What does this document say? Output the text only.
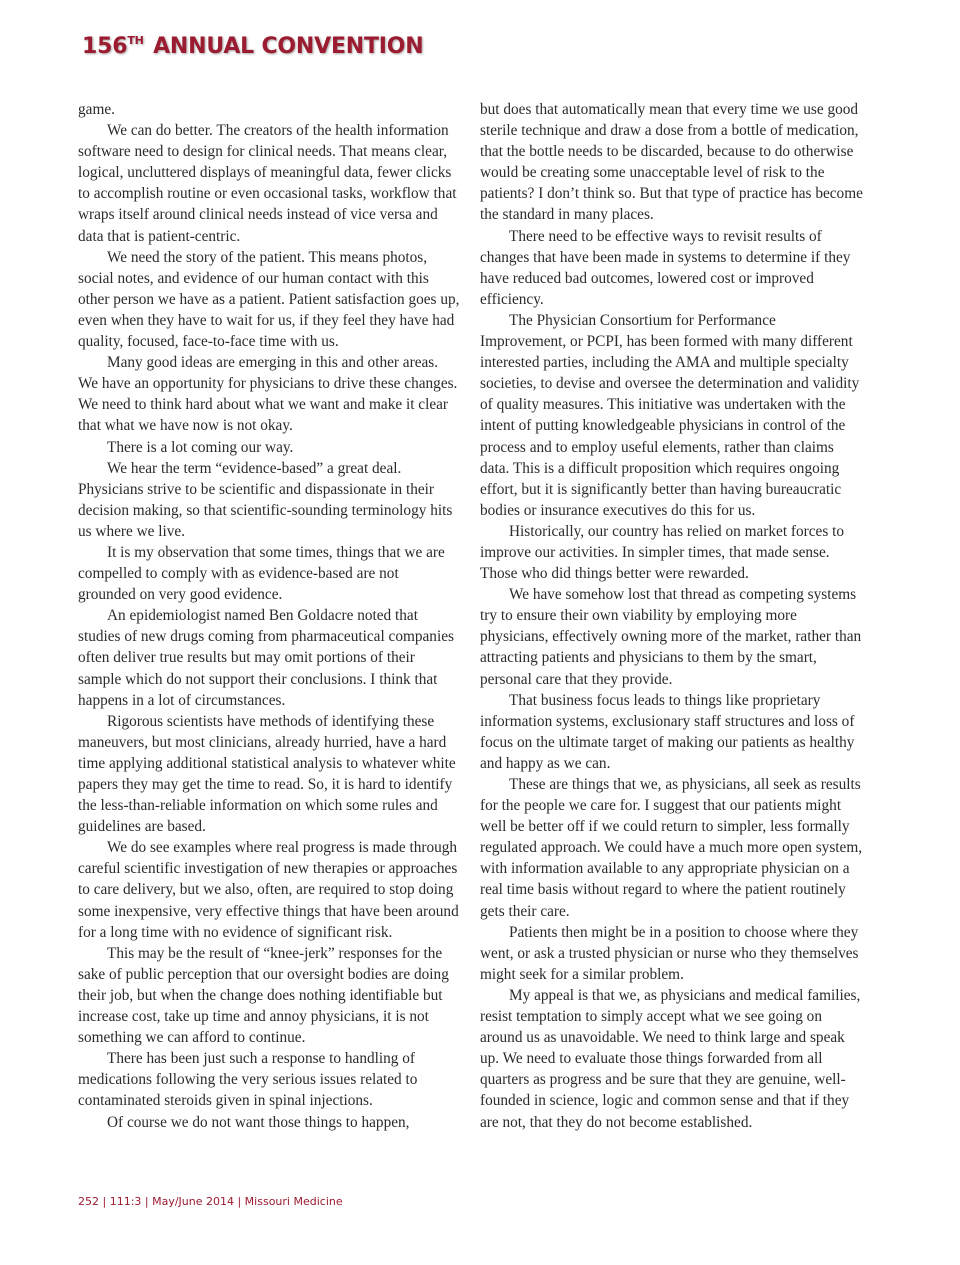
156TH ANNUAL CONVENTION

game.

We can do better. The creators of the health information software need to design for clinical needs. That means clear, logical, uncluttered displays of meaningful data, fewer clicks to accomplish routine or even occasional tasks, workflow that wraps itself around clinical needs instead of vice versa and data that is patient-centric.

We need the story of the patient. This means photos, social notes, and evidence of our human contact with this other person we have as a patient. Patient satisfaction goes up, even when they have to wait for us, if they feel they have had quality, focused, face-to-face time with us.

Many good ideas are emerging in this and other areas. We have an opportunity for physicians to drive these changes. We need to think hard about what we want and make it clear that what we have now is not okay.

There is a lot coming our way.

We hear the term “evidence-based” a great deal. Physicians strive to be scientific and dispassionate in their decision making, so that scientific-sounding terminology hits us where we live.

It is my observation that some times, things that we are compelled to comply with as evidence-based are not grounded on very good evidence.

An epidemiologist named Ben Goldacre noted that studies of new drugs coming from pharmaceutical companies often deliver true results but may omit portions of their sample which do not support their conclusions. I think that happens in a lot of circumstances.

Rigorous scientists have methods of identifying these maneuvers, but most clinicians, already hurried, have a hard time applying additional statistical analysis to whatever white papers they may get the time to read. So, it is hard to identify the less-than-reliable information on which some rules and guidelines are based.

We do see examples where real progress is made through careful scientific investigation of new therapies or approaches to care delivery, but we also, often, are required to stop doing some inexpensive, very effective things that have been around for a long time with no evidence of significant risk.

This may be the result of “knee-jerk” responses for the sake of public perception that our oversight bodies are doing their job, but when the change does nothing identifiable but increase cost, take up time and annoy physicians, it is not something we can afford to continue.

There has been just such a response to handling of medications following the very serious issues related to contaminated steroids given in spinal injections.

Of course we do not want those things to happen,

but does that automatically mean that every time we use good sterile technique and draw a dose from a bottle of medication, that the bottle needs to be discarded, because to do otherwise would be creating some unacceptable level of risk to the patients? I don’t think so. But that type of practice has become the standard in many places.

There need to be effective ways to revisit results of changes that have been made in systems to determine if they have reduced bad outcomes, lowered cost or improved efficiency.

The Physician Consortium for Performance Improvement, or PCPI, has been formed with many different interested parties, including the AMA and multiple specialty societies, to devise and oversee the determination and validity of quality measures. This initiative was undertaken with the intent of putting knowledgeable physicians in control of the process and to employ useful elements, rather than claims data. This is a difficult proposition which requires ongoing effort, but it is significantly better than having bureaucratic bodies or insurance executives do this for us.

Historically, our country has relied on market forces to improve our activities. In simpler times, that made sense. Those who did things better were rewarded.

We have somehow lost that thread as competing systems try to ensure their own viability by employing more physicians, effectively owning more of the market, rather than attracting patients and physicians to them by the smart, personal care that they provide.

That business focus leads to things like proprietary information systems, exclusionary staff structures and loss of focus on the ultimate target of making our patients as healthy and happy as we can.

These are things that we, as physicians, all seek as results for the people we care for. I suggest that our patients might well be better off if we could return to simpler, less formally regulated approach. We could have a much more open system, with information available to any appropriate physician on a real time basis without regard to where the patient routinely gets their care.

Patients then might be in a position to choose where they went, or ask a trusted physician or nurse who they themselves might seek for a similar problem.

My appeal is that we, as physicians and medical families, resist temptation to simply accept what we see going on around us as unavoidable. We need to think large and speak up. We need to evaluate those things forwarded from all quarters as progress and be sure that they are genuine, well-founded in science, logic and common sense and that if they are not, that they do not become established.

252 | 111:3 | May/June 2014 | Missouri Medicine
